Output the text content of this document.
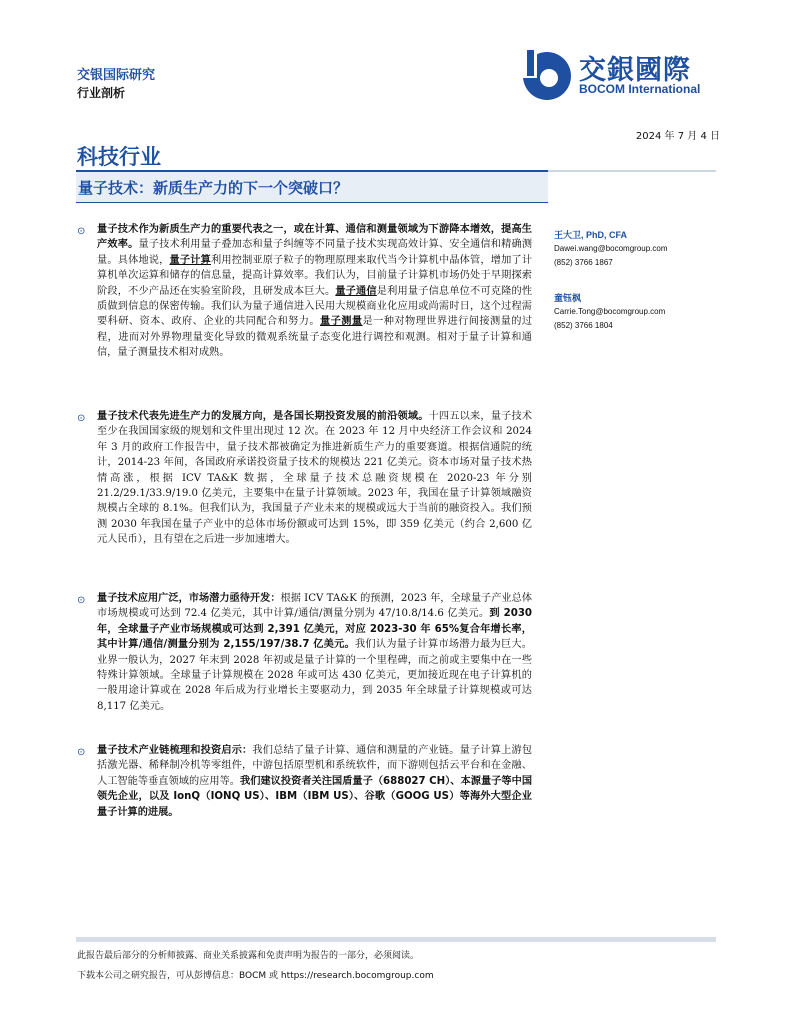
交银国际研究
行业剖析
交銀國際
BOCOM International
2024 年 7 月 4 日
科技行业
量子技术：新质生产力的下一个突破口？
⊙ 量子技术作为新质生产力的重要代表之一，或在计算、通信和测量领域为下游降本增效，提高生产效率。量子技术利用量子叠加态和量子纠缠等不同量子技术实现高效计算、安全通信和精确测量。具体地说，量子计算利用控制亚原子粒子的物理原理来取代当今计算机中晶体管，增加了计算机单次运算和储存的信息量，提高计算效率。我们认为，目前量子计算机市场仍处于早期探索阶段，不少产品还在实验室阶段，且研发成本巨大。量子通信是利用量子信息单位不可克隆的性质做到信息的保密传输。我们认为量子通信进入民用大规模商业化应用或尚需时日，这个过程需要科研、资本、政府、企业的共同配合和努力。量子测量是一种对物理世界进行间接测量的过程，进而对外界物理量变化导致的微观系统量子态变化进行调控和观测。相对于量子计算和通信，量子测量技术相对成熟。
⊙ 量子技术代表先进生产力的发展方向，是各国长期投资发展的前沿领域。十四五以来，量子技术至少在我国国家级的规划和文件里出现过 12 次。在 2023 年 12 月中央经济工作会议和 2024 年 3 月的政府工作报告中，量子技术都被确定为推进新质生产力的重要赛道。根据信通院的统计，2014-23 年间，各国政府承诺投资量子技术的规模达 221 亿美元。资本市场对量子技术热情高涨，根据 ICV TA&K 数据，全球量子技术总融资规模在 2020-23 年分别 21.2/29.1/33.9/19.0 亿美元，主要集中在量子计算领域。2023 年，我国在量子计算领域融资规模占全球的 8.1%。但我们认为，我国量子产业未来的规模或远大于当前的融资投入。我们预测 2030 年我国在量子产业中的总体市场份额或可达到 15%，即 359 亿美元（约合 2,600 亿元人民币），且有望在之后进一步加速增大。
⊙ 量子技术应用广泛，市场潜力亟待开发：根据 ICV TA&K 的预测，2023 年，全球量子产业总体市场规模或可达到 72.4 亿美元，其中计算/通信/测量分别为 47/10.8/14.6 亿美元。到 2030 年，全球量子产业市场规模或可达到 2,391 亿美元，对应 2023-30 年 65%复合年增长率，其中计算/通信/测量分别为 2,155/197/38.7 亿美元。我们认为量子计算市场潜力最为巨大。业界一般认为，2027 年末到 2028 年初或是量子计算的一个里程碑，而之前或主要集中在一些特殊计算领域。全球量子计算规模在 2028 年或可达 430 亿美元，更加接近现在电子计算机的一般用途计算或在 2028 年后成为行业增长主要驱动力，到 2035 年全球量子计算规模或可达 8,117 亿美元。
⊙ 量子技术产业链梳理和投资启示：我们总结了量子计算、通信和测量的产业链。量子计算上游包括激光器、稀释制冷机等零组件，中游包括原型机和系统软件，而下游则包括云平台和在金融、人工智能等垂直领域的应用等。我们建议投资者关注国盾量子（688027 CH）、本源量子等中国领先企业，以及 IonQ（IONQ US）、IBM（IBM US）、谷歌（GOOG US）等海外大型企业量子计算的进展。
王大卫, PhD, CFA
Dawei.wang@bocomgroup.com
(852) 3766 1867
童钰枫
Carrie.Tong@bocomgroup.com
(852) 3766 1804
此报告最后部分的分析师披露、商业关系披露和免责声明为报告的一部分，必须阅读。
下载本公司之研究报告，可从彭博信息：BOCM 或 https://research.bocomgroup.com
